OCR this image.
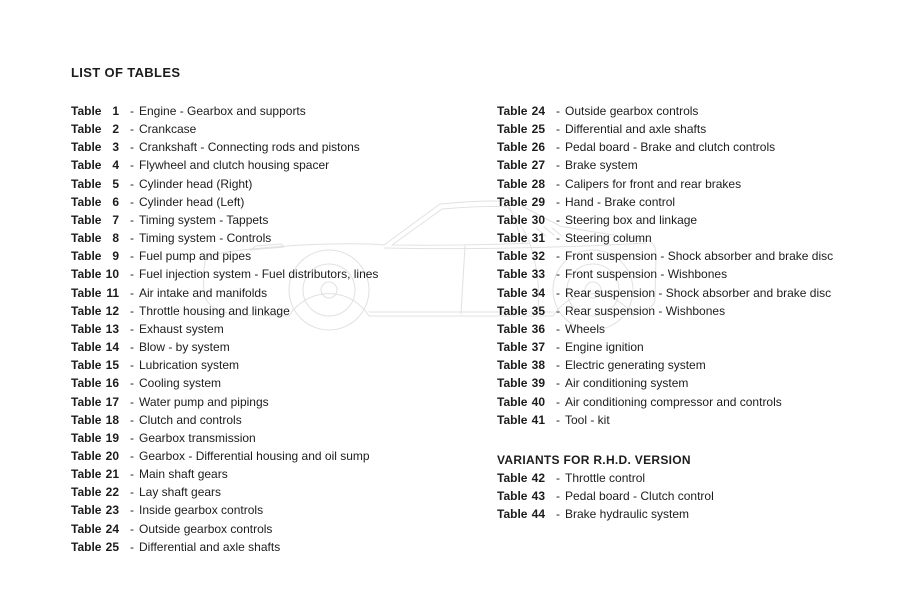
LIST OF TABLES
Table 1 - Engine - Gearbox and supports
Table 2 - Crankcase
Table 3 - Crankshaft - Connecting rods and pistons
Table 4 - Flywheel and clutch housing spacer
Table 5 - Cylinder head (Right)
Table 6 - Cylinder head (Left)
Table 7 - Timing system - Tappets
Table 8 - Timing system - Controls
Table 9 - Fuel pump and pipes
Table 10 - Fuel injection system - Fuel distributors, lines
Table 11 - Air intake and manifolds
Table 12 - Throttle housing and linkage
Table 13 - Exhaust system
Table 14 - Blow - by system
Table 15 - Lubrication system
Table 16 - Cooling system
Table 17 - Water pump and pipings
Table 18 - Clutch and controls
Table 19 - Gearbox transmission
Table 20 - Gearbox - Differential housing and oil sump
Table 21 - Main shaft gears
Table 22 - Lay shaft gears
Table 23 - Inside gearbox controls
Table 24 - Outside gearbox controls
Table 25 - Differential and axle shafts
Table 24 - Outside gearbox controls
Table 25 - Differential and axle shafts
Table 26 - Pedal board - Brake and clutch controls
Table 27 - Brake system
Table 28 - Calipers for front and rear brakes
Table 29 - Hand - Brake control
Table 30 - Steering box and linkage
Table 31 - Steering column
Table 32 - Front suspension - Shock absorber and brake disc
Table 33 - Front suspension - Wishbones
Table 34 - Rear suspension - Shock absorber and brake disc
Table 35 - Rear suspension - Wishbones
Table 36 - Wheels
Table 37 - Engine ignition
Table 38 - Electric generating system
Table 39 - Air conditioning system
Table 40 - Air conditioning compressor and controls
Table 41 - Tool - kit
VARIANTS FOR R.H.D. VERSION
Table 42 - Throttle control
Table 43 - Pedal board - Clutch control
Table 44 - Brake hydraulic system
